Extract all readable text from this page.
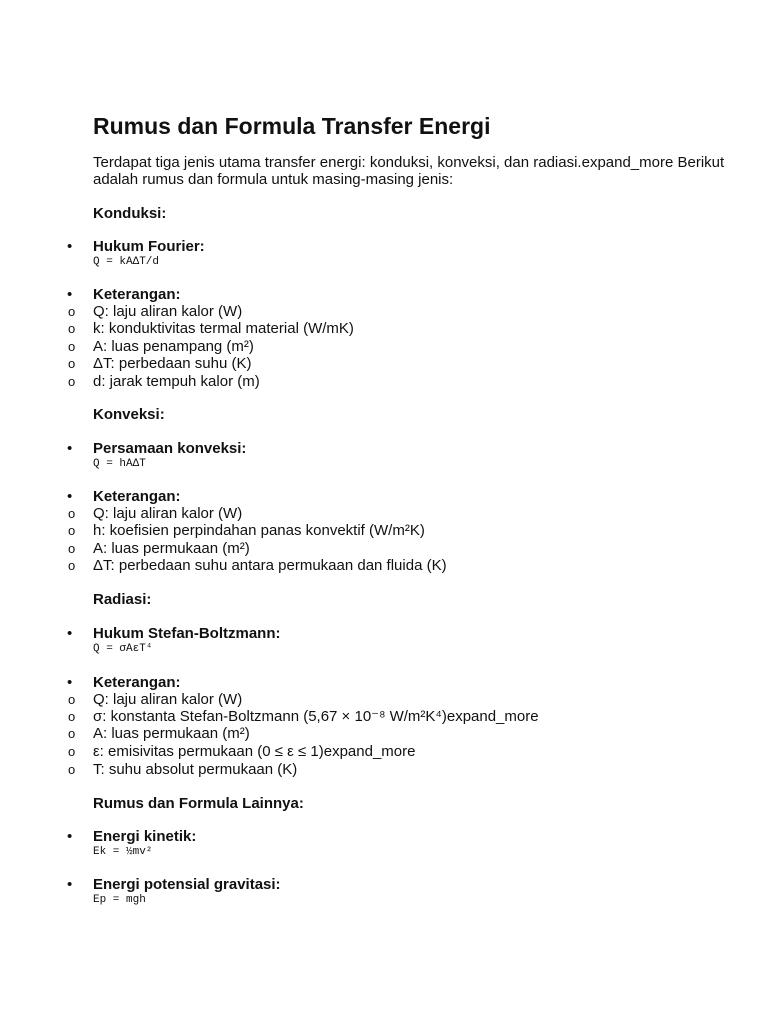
Rumus dan Formula Transfer Energi

Terdapat tiga jenis utama transfer energi: konduksi, konveksi, dan radiasi.expand_more Berikut adalah rumus dan formula untuk masing-masing jenis:

Konduksi:
• Hukum Fourier:
Q = kAΔT/d
• Keterangan:
o Q: laju aliran kalor (W)
o k: konduktivitas termal material (W/mK)
o A: luas penampang (m²)
o ΔT: perbedaan suhu (K)
o d: jarak tempuh kalor (m)
Konveksi:
• Persamaan konveksi:
Q = hAΔT
• Keterangan:
o Q: laju aliran kalor (W)
o h: koefisien perpindahan panas konvektif (W/m²K)
o A: luas permukaan (m²)
o ΔT: perbedaan suhu antara permukaan dan fluida (K)
Radiasi:
• Hukum Stefan-Boltzmann:
Q = σAεT⁴
• Keterangan:
o Q: laju aliran kalor (W)
o σ: konstanta Stefan-Boltzmann (5,67 × 10⁻⁸ W/m²K⁴)expand_more
o A: luas permukaan (m²)
o ε: emisivitas permukaan (0 ≤ ε ≤ 1)expand_more
o T: suhu absolut permukaan (K)
Rumus dan Formula Lainnya:
• Energi kinetik:
Ek = ½mv²
• Energi potensial gravitasi:
Ep = mgh
